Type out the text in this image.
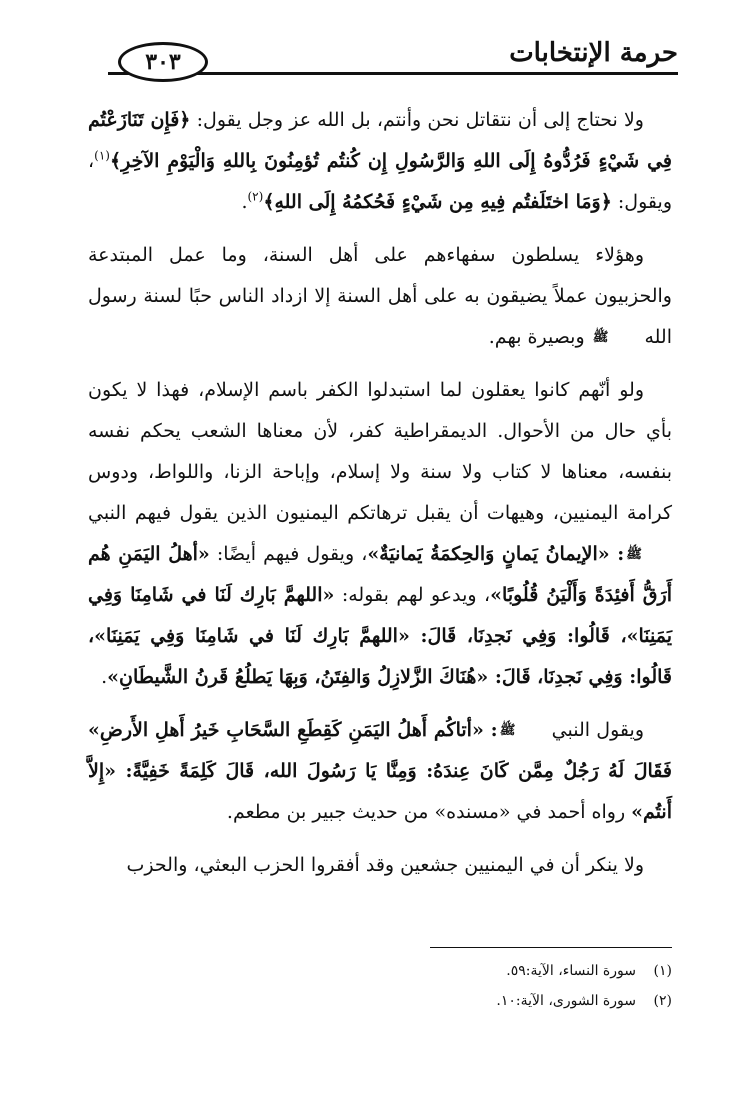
حرمة الإنتخابات
٣٠٣

ولا نحتاج إلى أن نتقاتل نحن وأنتم، بل الله عز وجل يقول: ﴿فَإِن تَنَازَعْتُم فِي شَيْءٍ فَرُدُّوهُ إِلَى اللهِ وَالرَّسُولِ إِن كُنتُم تُؤمِنُونَ بِاللهِ وَالْيَوْمِ الآخِرِ﴾$^{(١)}$، ويقول: ﴿وَمَا اختَلَفتُم فِيهِ مِن شَيْءٍ فَحُكمُهُ إِلَى اللهِ﴾$^{(٢)}$.

وهؤلاء يسلطون سفهاءهم على أهل السنة، وما عمل المبتدعة والحزبيون عملاً يضيقون به على أهل السنة إلا ازداد الناس حبًا لسنة رسول الله ﷺ وبصيرة بهم.

ولو أنّهم كانوا يعقلون لما استبدلوا الكفر باسم الإسلام، فهذا لا يكون بأي حال من الأحوال. الديمقراطية كفر، لأن معناها الشعب يحكم نفسه بنفسه، معناها لا كتاب ولا سنة ولا إسلام، وإباحة الزنا، واللواط، ودوس كرامة اليمنيين، وهيهات أن يقبل ترهاتكم اليمنيون الذين يقول فيهم النبي ﷺ: «الإيمانُ يَمانٍ وَالحِكمَةُ يَمانيَةٌ»، ويقول فيهم أيضًا: «أهلُ اليَمَنِ هُم أَرَقُّ أَفئِدَةً وَأَلْيَنُ قُلُوبًا»، ويدعو لهم بقوله: «اللهمَّ بَارِك لَنَا في شَامِنَا وَفِي يَمَنِنَا»، قَالُوا: وَفِي نَجدِنَا، قَالَ: «اللهمَّ بَارِك لَنَا في شَامِنَا وَفِي يَمَنِنَا»، قَالُوا: وَفِي نَجدِنَا، قَالَ: «هُنَاكَ الزَّلازِلُ وَالفِتَنُ، وَبِهَا يَطلُعُ قَرنُ الشَّيطَانِ».

ويقول النبي ﷺ: «أتاكُم أَهلُ اليَمَنِ كَقِطَعِ السَّحَابِ خَيرُ أَهلِ الأَرضِ» فَقَالَ لَهُ رَجُلٌ مِمَّن كَانَ عِندَهُ: وَمِنَّا يَا رَسُولَ الله، قَالَ كَلِمَةً خَفِيَّةً: «إِلاَّ أَنتُم» رواه أحمد في «مسنده» من حديث جبير بن مطعم.

ولا ينكر أن في اليمنيين جشعين وقد أفقروا الحزب البعثي، والحزب

(١)
سورة النساء، الآية:٥٩.
(٢)
سورة الشورى، الآية:١٠.
